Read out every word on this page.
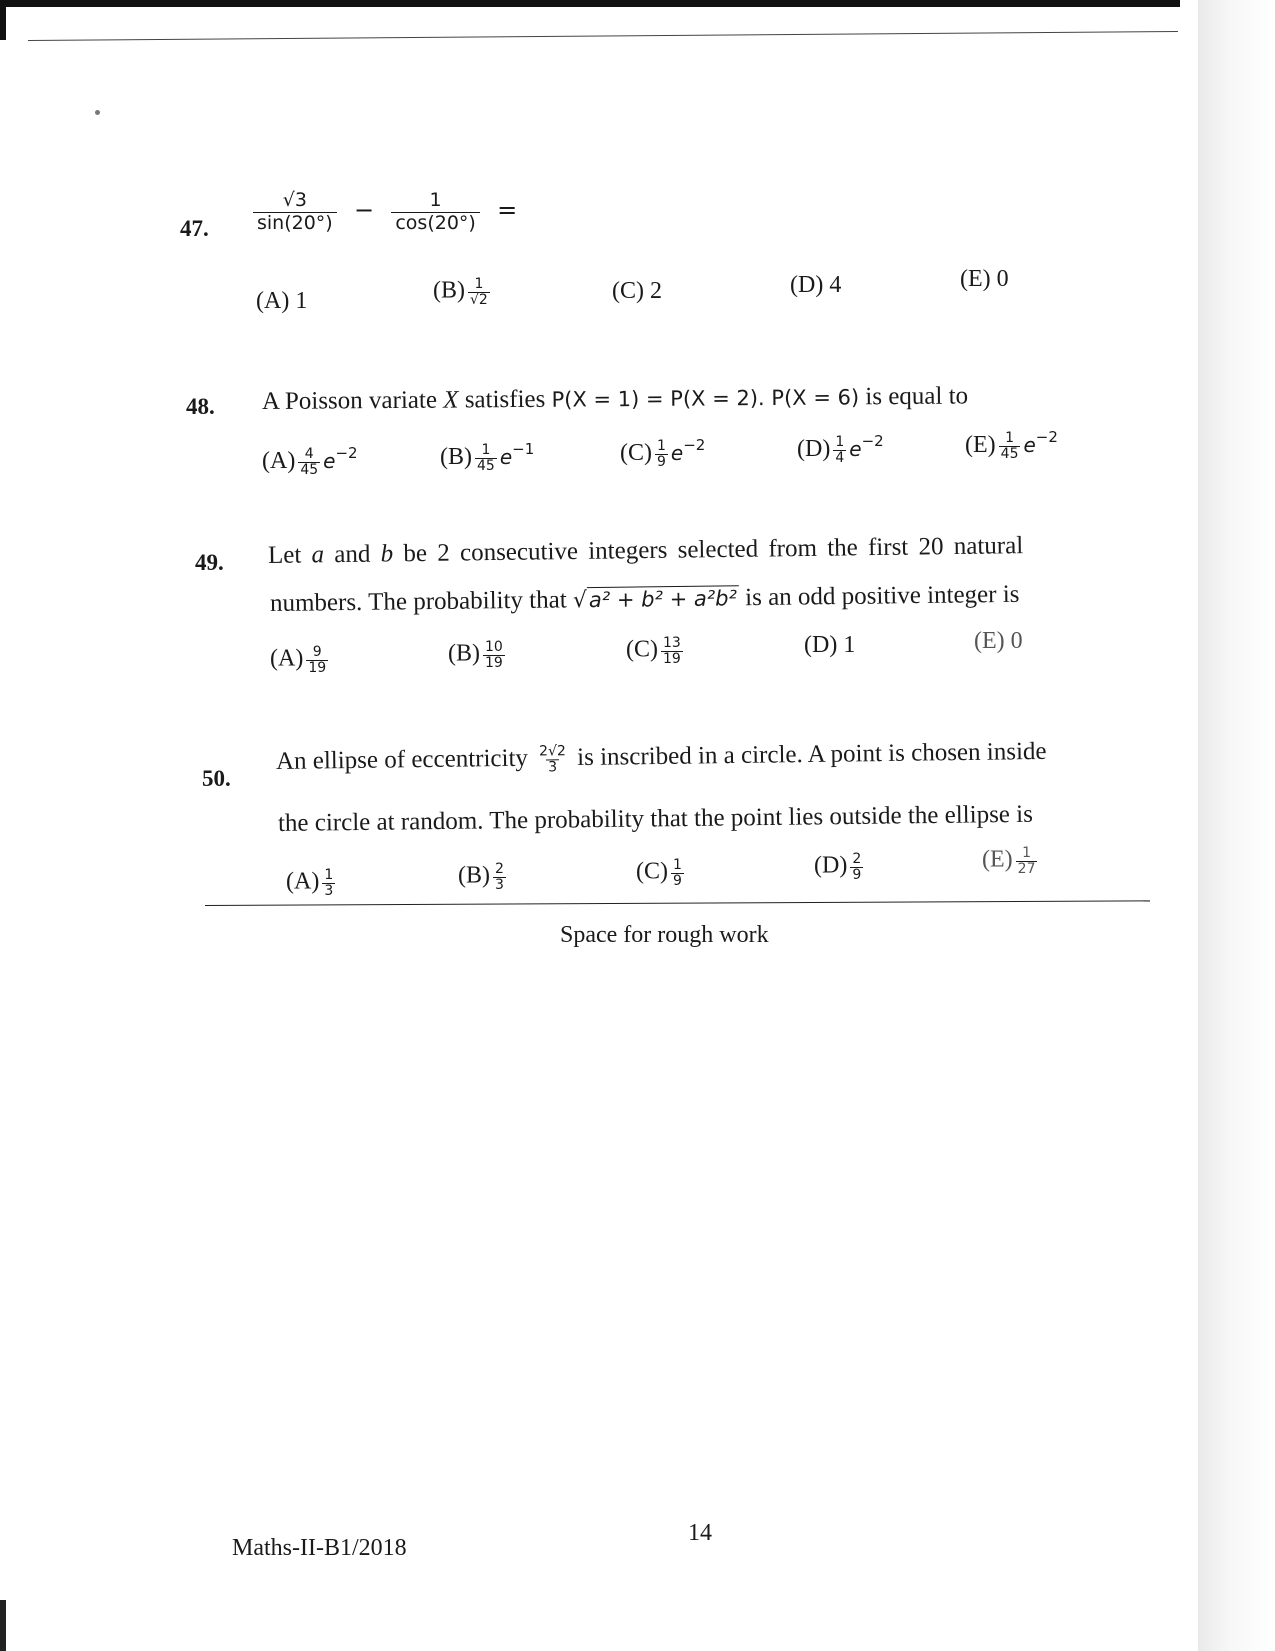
47. $\frac{√3}{\sin(20^\circ)} - \frac{1}{\cos(20^\circ)}$ =
(A) 1	$(B) \frac{1}{√2}$	(C) 2	(D) 4	(E) 0
48. A Poisson variate X satisfies P(X = 1) = P(X = 2). P(X = 6) is equal to
$(A) \frac{4}{45} e^{-2}$	$(B) \frac{1}{45} e^{-1}$	$(C) \frac{1}{9} e^{-2}$	$(D) \frac{1}{4} e^{-2}$	$(E) \frac{1}{45} e^{-2}$
49. Let a and b be 2 consecutive integers selected from the first 20 natural
numbers. The probability that √a² + b² + a²b² is an odd positive integer is
$(A) \frac{9}{19}$	$(B) \frac{10}{19}$	$(C) \frac{13}{19}$	(D) 1	(E) 0
50.
An ellipse of eccentricity $\frac{2√2}{3}$ is inscribed in a circle. A point is chosen inside
the circle at random. The probability that the point lies outside the ellipse is
$(A) \frac{1}{3}$	$(B) \frac{2}{3}$	$(C) \frac{1}{9}$	$(D) \frac{2}{9}$	$(E) \frac{1}{27}$
Space for rough work
14
Maths-II-B1/2018
